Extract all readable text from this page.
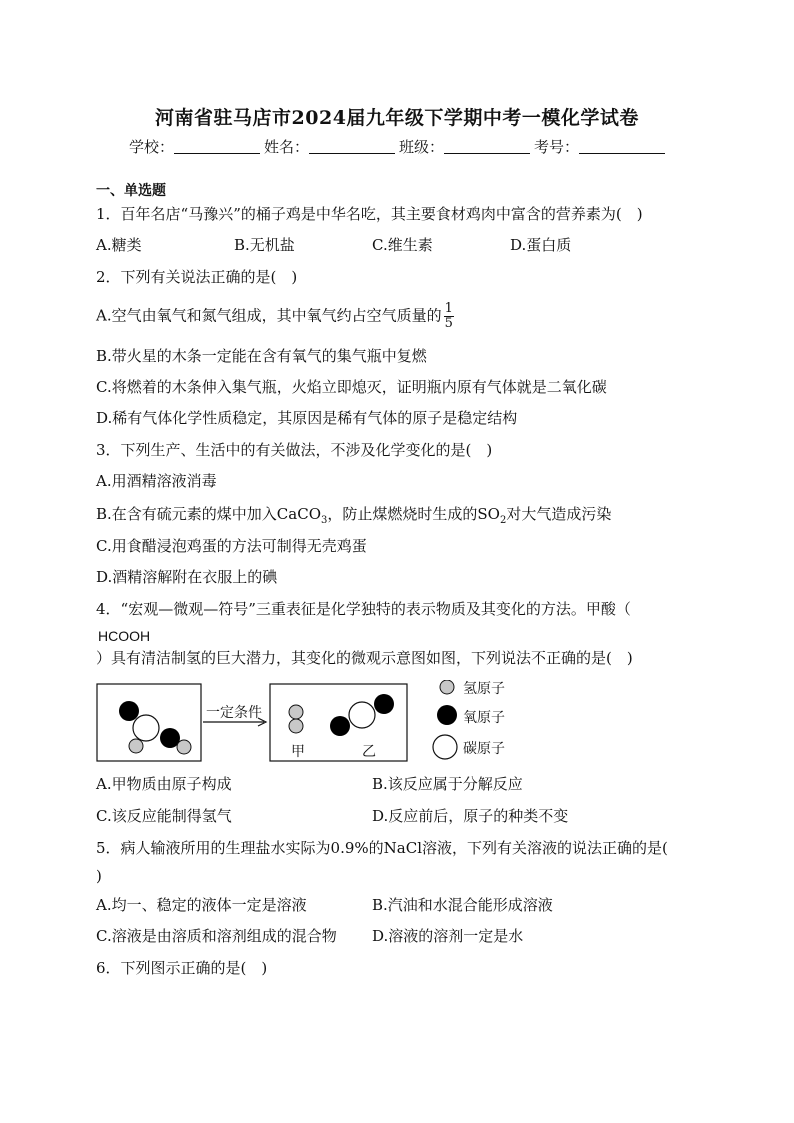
河南省驻马店市2024届九年级下学期中考一模化学试卷
学校：	姓名：	班级：	考号：
一、单选题
1．百年名店“马豫兴”的桶子鸡是中华名吃，其主要食材鸡肉中富含的营养素为(　)
A.糖类	B.无机盐	C.维生素	D.蛋白质
2．下列有关说法正确的是(　)
A.空气由氧气和氮气组成，其中氧气约占空气质量的 $\frac{1}{5}$
B.带火星的木条一定能在含有氧气的集气瓶中复燃
C.将燃着的木条伸入集气瓶，火焰立即熄灭，证明瓶内原有气体就是二氧化碳
D.稀有气体化学性质稳定，其原因是稀有气体的原子是稳定结构
3．下列生产、生活中的有关做法，不涉及化学变化的是(　)
A.用酒精溶液消毒
B.在含有硫元素的煤中加入CaCO$_3$，防止煤燃烧时生成的$SO_2$对大气造成污染
C.用食醋浸泡鸡蛋的方法可制得无壳鸡蛋
D.酒精溶解附在衣服上的碘
4．“宏观—微观—符号”三重表征是化学独特的表示物质及其变化的方法。甲酸（
HCOOH
）具有清洁制氢的巨大潜力，其变化的微观示意图如图，下列说法不正确的是(　)
一定条件
甲	乙
氢原子
氧原子
碳原子
A.甲物质由原子构成	B.该反应属于分解反应
C.该反应能制得氢气	D.反应前后，原子的种类不变
5．病人输液所用的生理盐水实际为0.9%的NaCl溶液，下列有关溶液的说法正确的是(
)
A.均一、稳定的液体一定是溶液	B.汽油和水混合能形成溶液
C.溶液是由溶质和溶剂组成的混合物 D.溶液的溶剂一定是水
6．下列图示正确的是(　)
